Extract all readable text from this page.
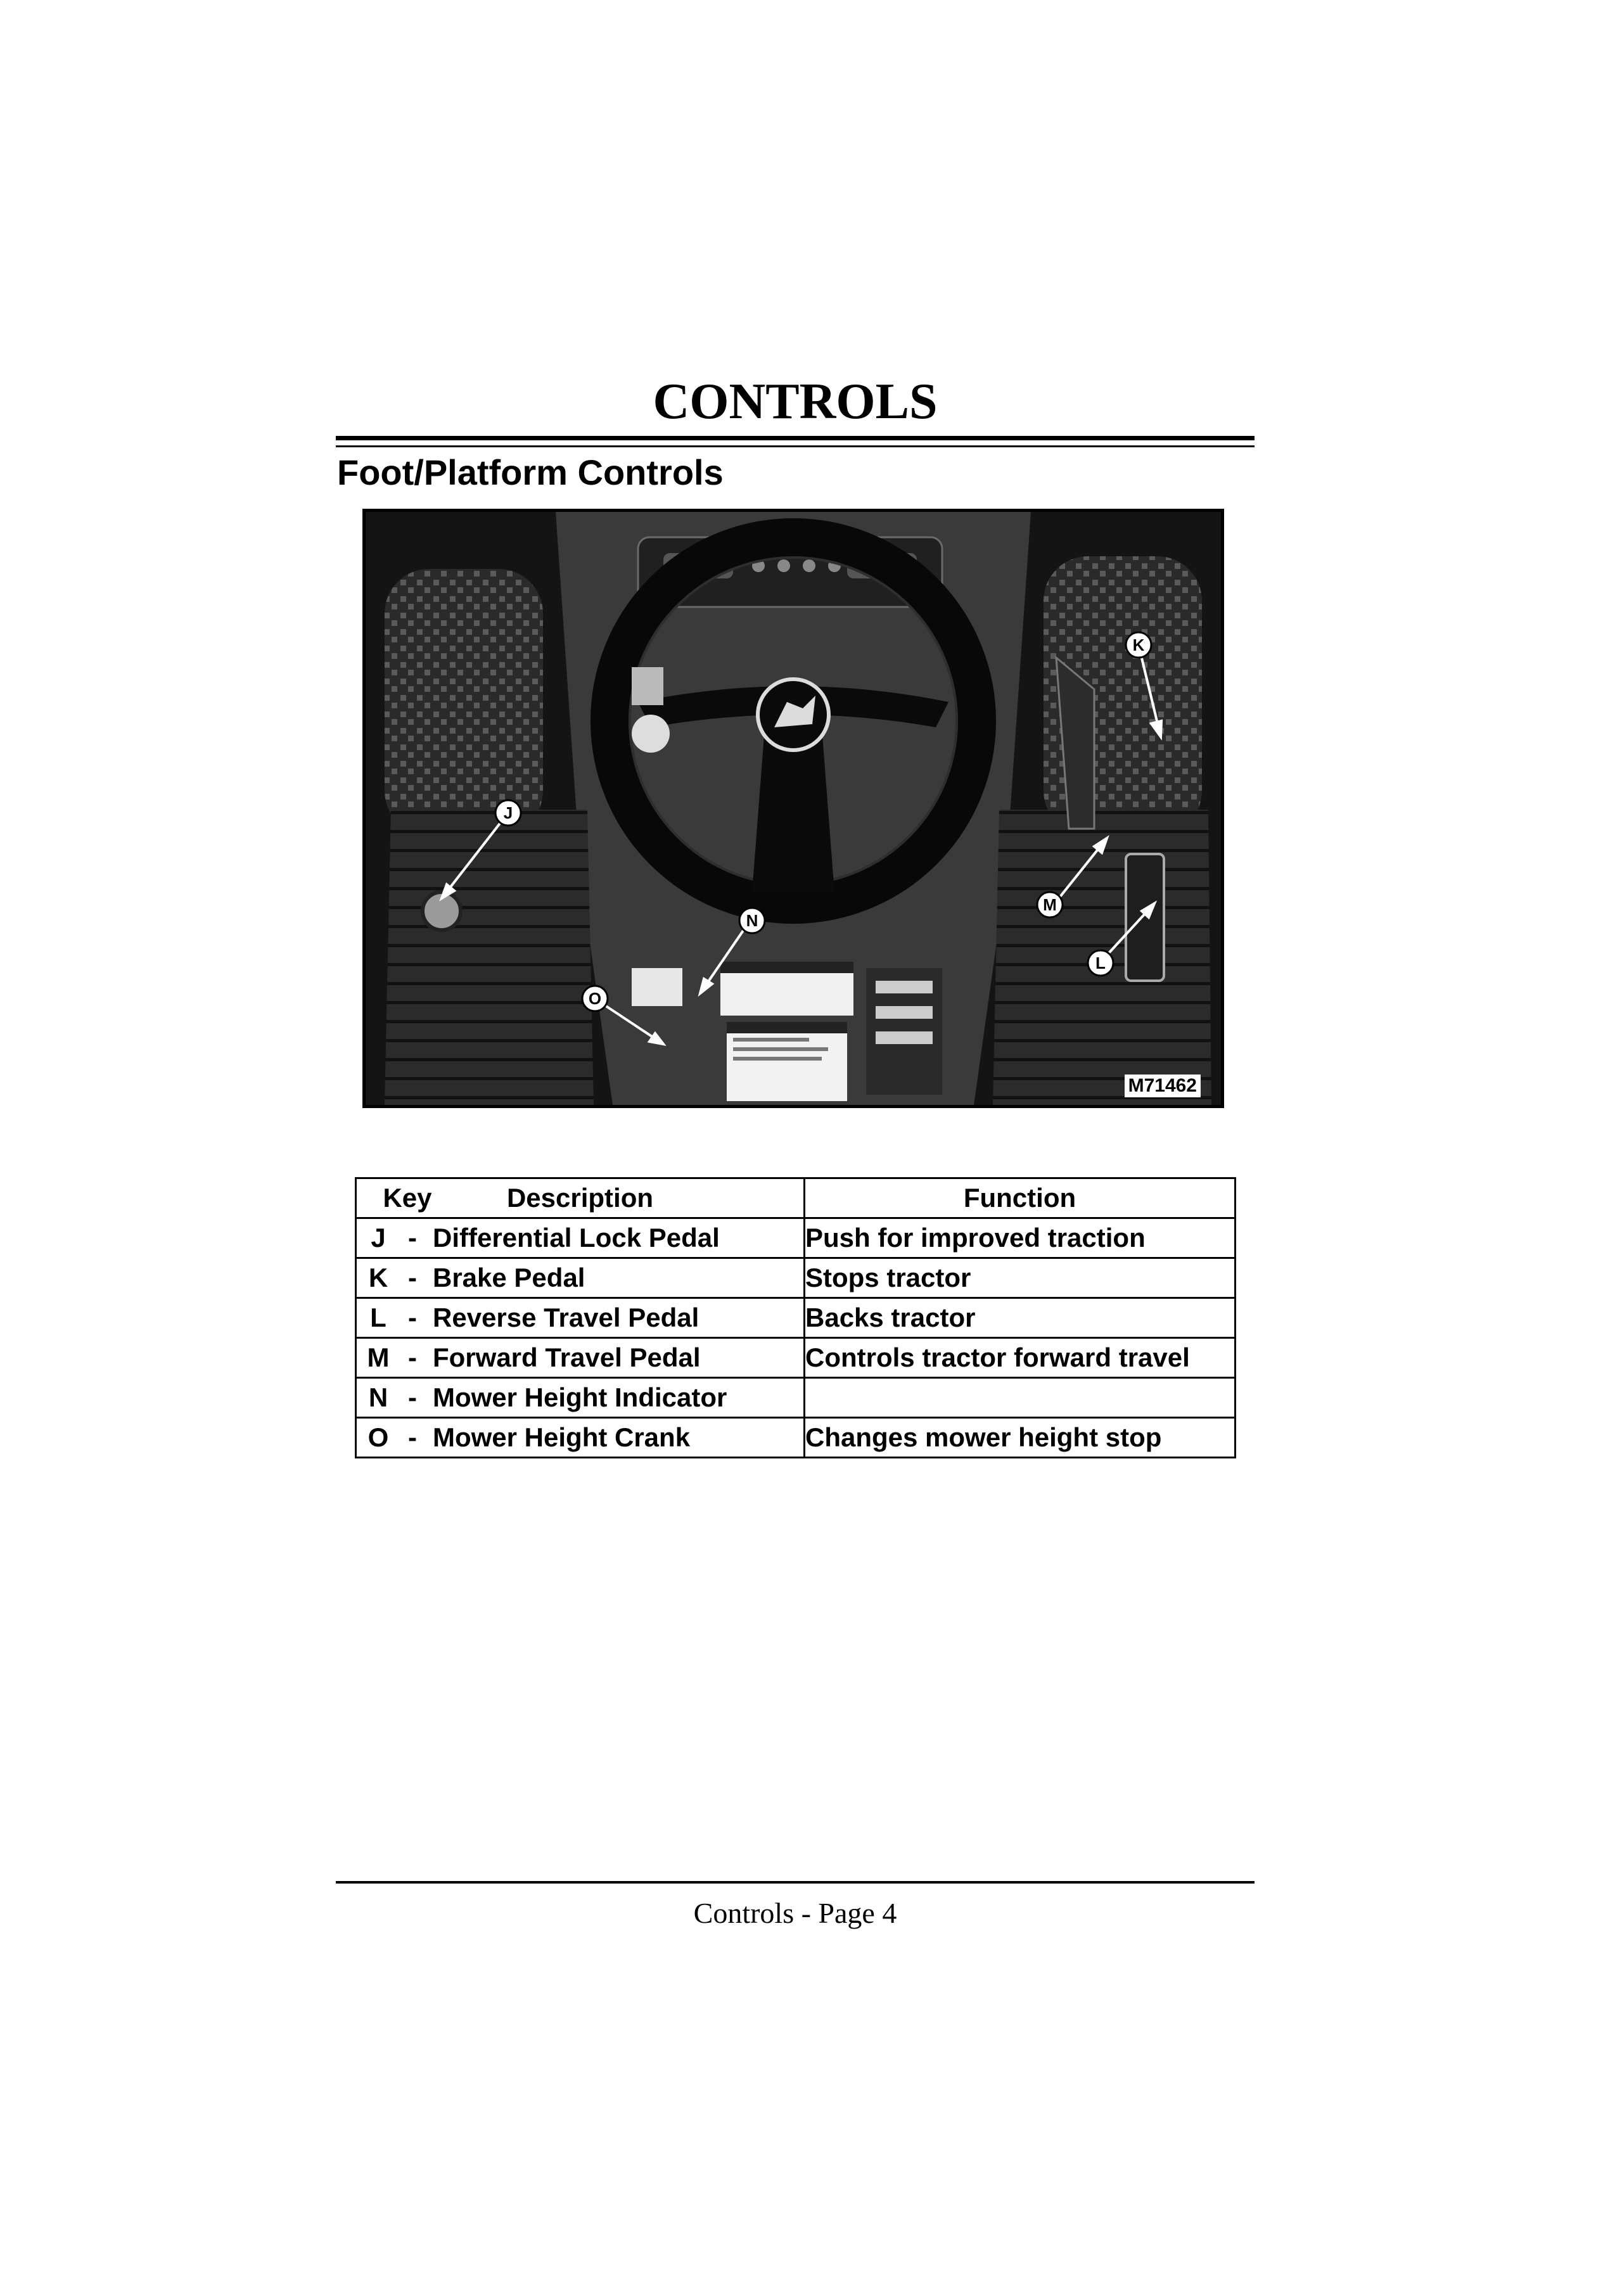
CONTROLS
Foot/Platform Controls
J
K
L
M
N
O
M71462
Key Description	Function
J - Differential Lock Pedal	Push for improved traction
K - Brake Pedal	Stops tractor
L - Reverse Travel Pedal	Backs tractor
M - Forward Travel Pedal	Controls tractor forward travel
N - Mower Height Indicator	
O - Mower Height Crank	Changes mower height stop
Controls - Page 4
